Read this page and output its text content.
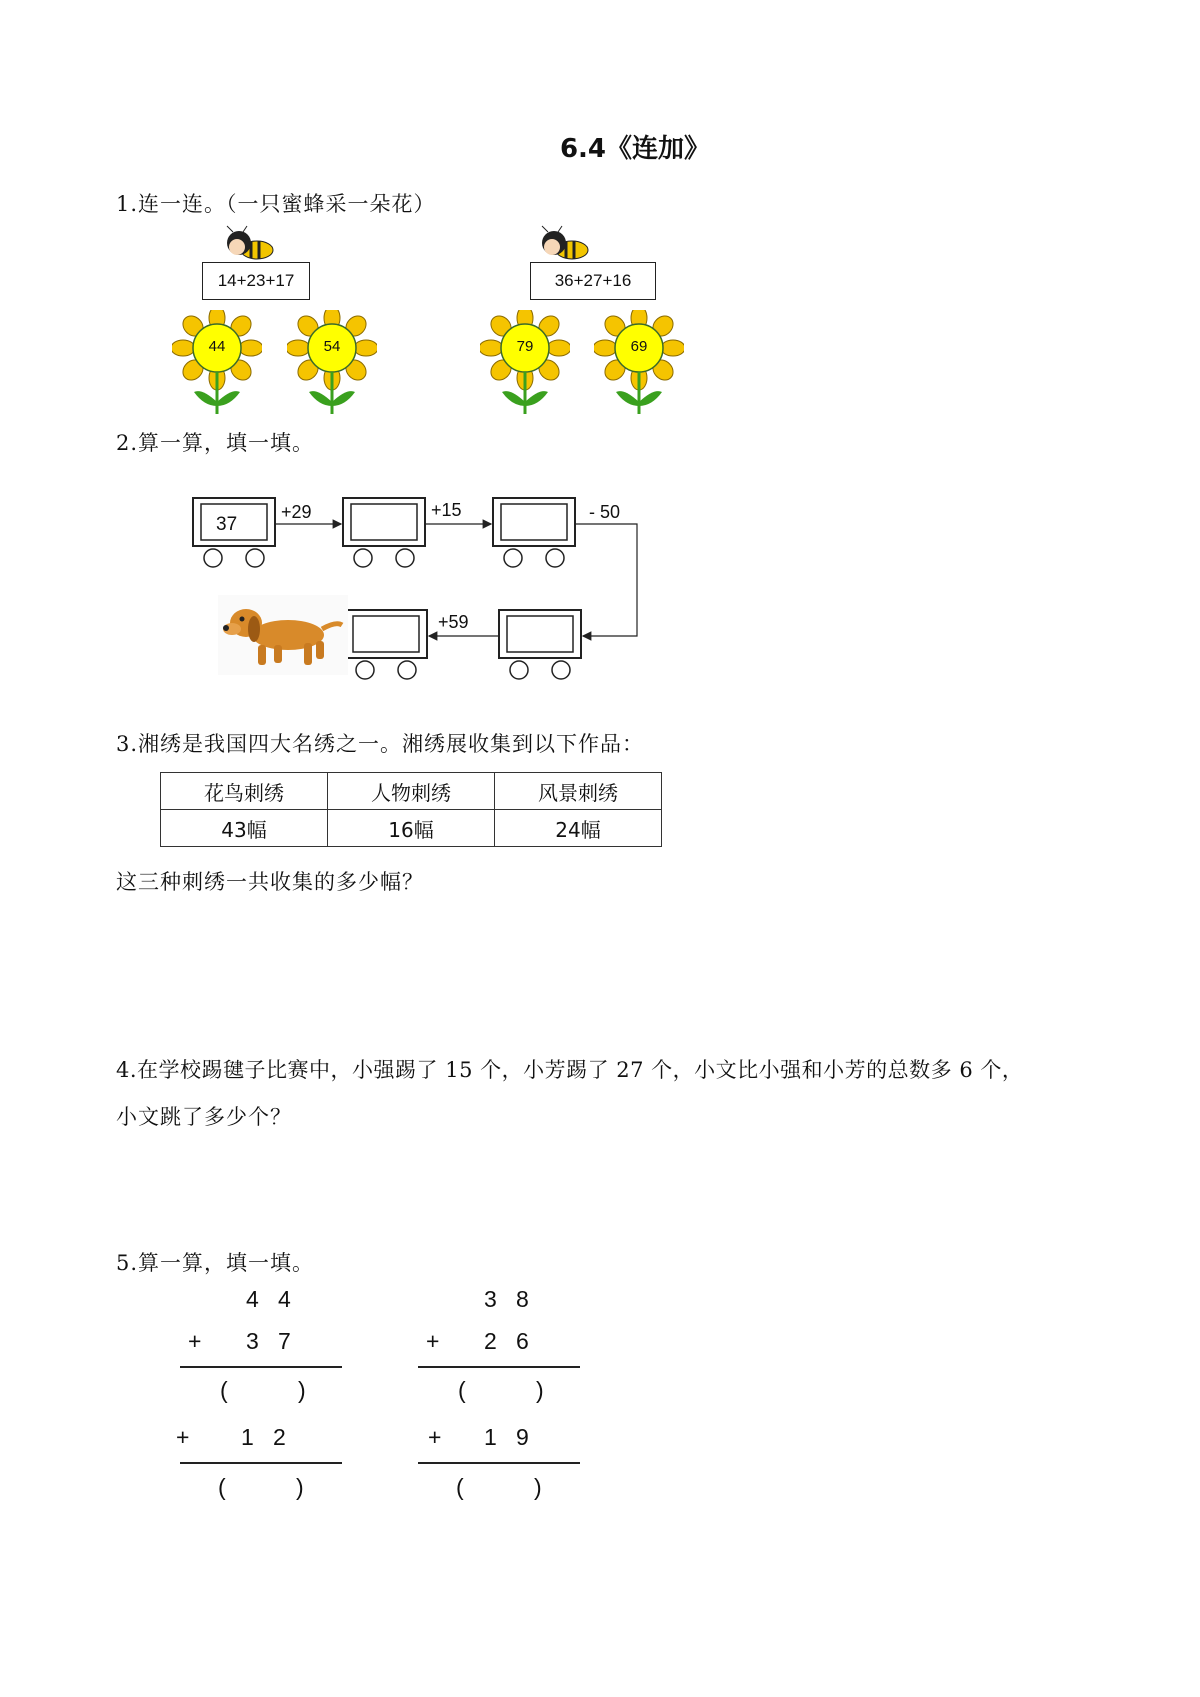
6.4《连加》
1.连一连。（一只蜜蜂采一朵花）
14+23+17	36+27+16
44	54	79	69
2.算一算，填一填。
37
+29	+15	- 50
+59
3.湘绣是我国四大名绣之一。湘绣展收集到以下作品：
花鸟刺绣	人物刺绣	风景刺绣
43幅	16幅	24幅
这三种刺绣一共收集的多少幅？
4.在学校踢毽子比赛中，小强踢了 15 个，小芳踢了 27 个，小文比小强和小芳的总数多 6 个，
小文跳了多少个？
5.算一算，填一填。
4   4
+ 3   7
(           )
+ 1   2
(           )
3   8
+ 2   6
(           )
+ 1   9
(           )
